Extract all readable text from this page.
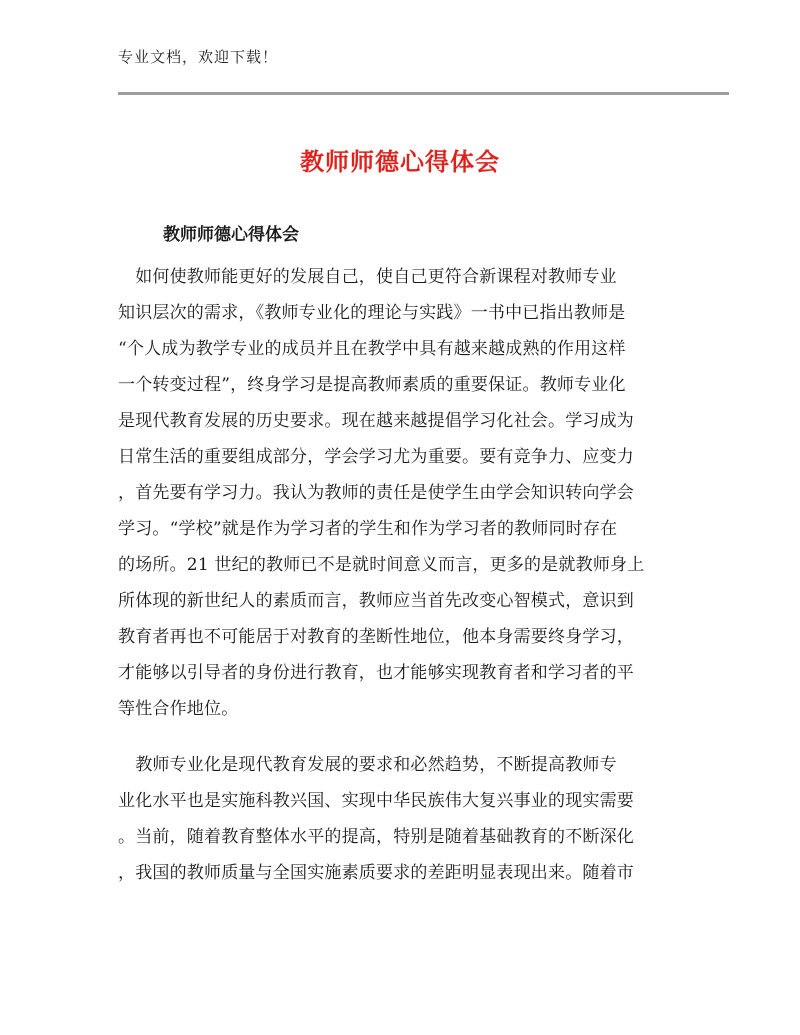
专业文档，欢迎下载！
教师师德心得体会
教师师德心得体会
　如何使教师能更好的发展自己，使自己更符合新课程对教师专业
知识层次的需求，《教师专业化的理论与实践》一书中已指出教师是
“个人成为教学专业的成员并且在教学中具有越来越成熟的作用这样
一个转变过程”，终身学习是提高教师素质的重要保证。教师专业化
是现代教育发展的历史要求。现在越来越提倡学习化社会。学习成为
日常生活的重要组成部分，学会学习尤为重要。要有竞争力、应变力
，首先要有学习力。我认为教师的责任是使学生由学会知识转向学会
学习。“学校”就是作为学习者的学生和作为学习者的教师同时存在
的场所。21 世纪的教师已不是就时间意义而言，更多的是就教师身上
所体现的新世纪人的素质而言，教师应当首先改变心智模式，意识到
教育者再也不可能居于对教育的垄断性地位，他本身需要终身学习，
才能够以引导者的身份进行教育，也才能够实现教育者和学习者的平
等性合作地位。
　教师专业化是现代教育发展的要求和必然趋势，不断提高教师专
业化水平也是实施科教兴国、实现中华民族伟大复兴事业的现实需要
。当前，随着教育整体水平的提高，特别是随着基础教育的不断深化
，我国的教师质量与全国实施素质要求的差距明显表现出来。随着市
